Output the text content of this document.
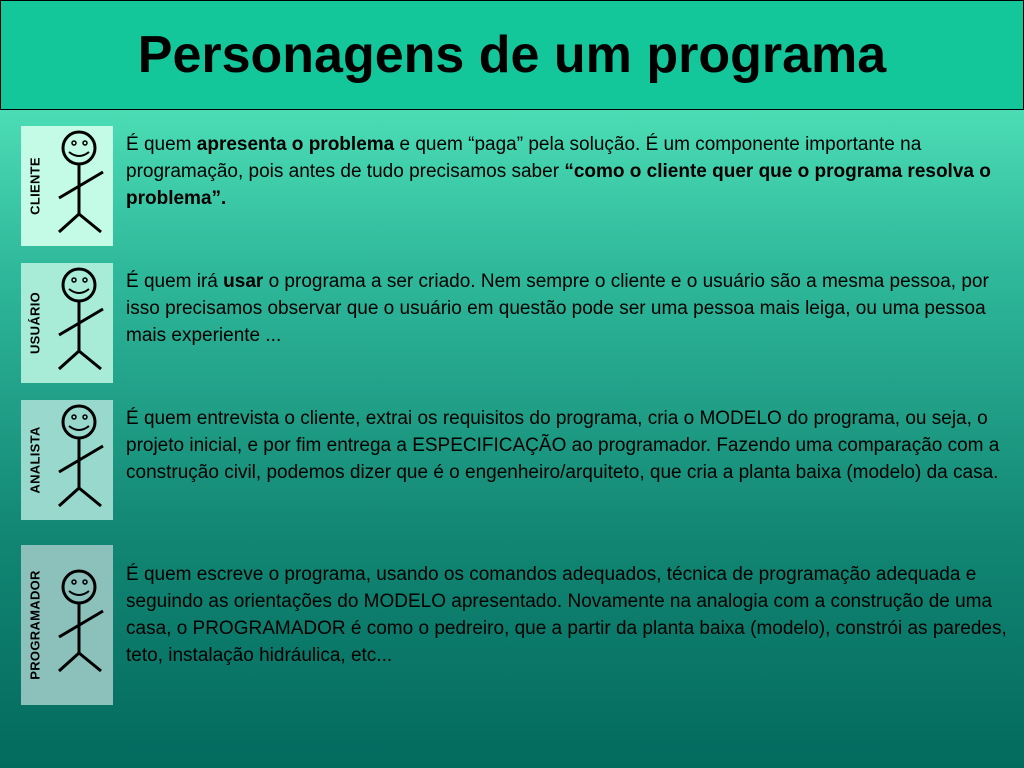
Personagens de um programa
CLIENTE
É quem apresenta o problema e quem “paga” pela solução. É um componente importante na programação, pois antes de tudo precisamos saber “como o cliente quer que o programa resolva o problema”.
USUÁRIO
É quem irá usar o programa a ser criado. Nem sempre o cliente e o usuário são a mesma pessoa, por isso precisamos observar que o usuário em questão pode ser uma pessoa mais leiga, ou uma pessoa mais experiente ...
ANALISTA
É quem entrevista o cliente, extrai os requisitos do programa, cria o MODELO do programa, ou seja, o projeto inicial, e por fim entrega a ESPECIFICAÇÃO ao programador. Fazendo uma comparação com a construção civil, podemos dizer que é o engenheiro/arquiteto, que cria a planta baixa (modelo) da casa.
PROGRAMADOR	É quem escreve o programa, usando os comandos adequados, técnica de programação adequada e seguindo as orientações do MODELO apresentado. Novamente na analogia com a construção de uma casa, o PROGRAMADOR é como o pedreiro, que a partir da planta baixa (modelo), constrói as paredes, teto, instalação hidráulica, etc...
